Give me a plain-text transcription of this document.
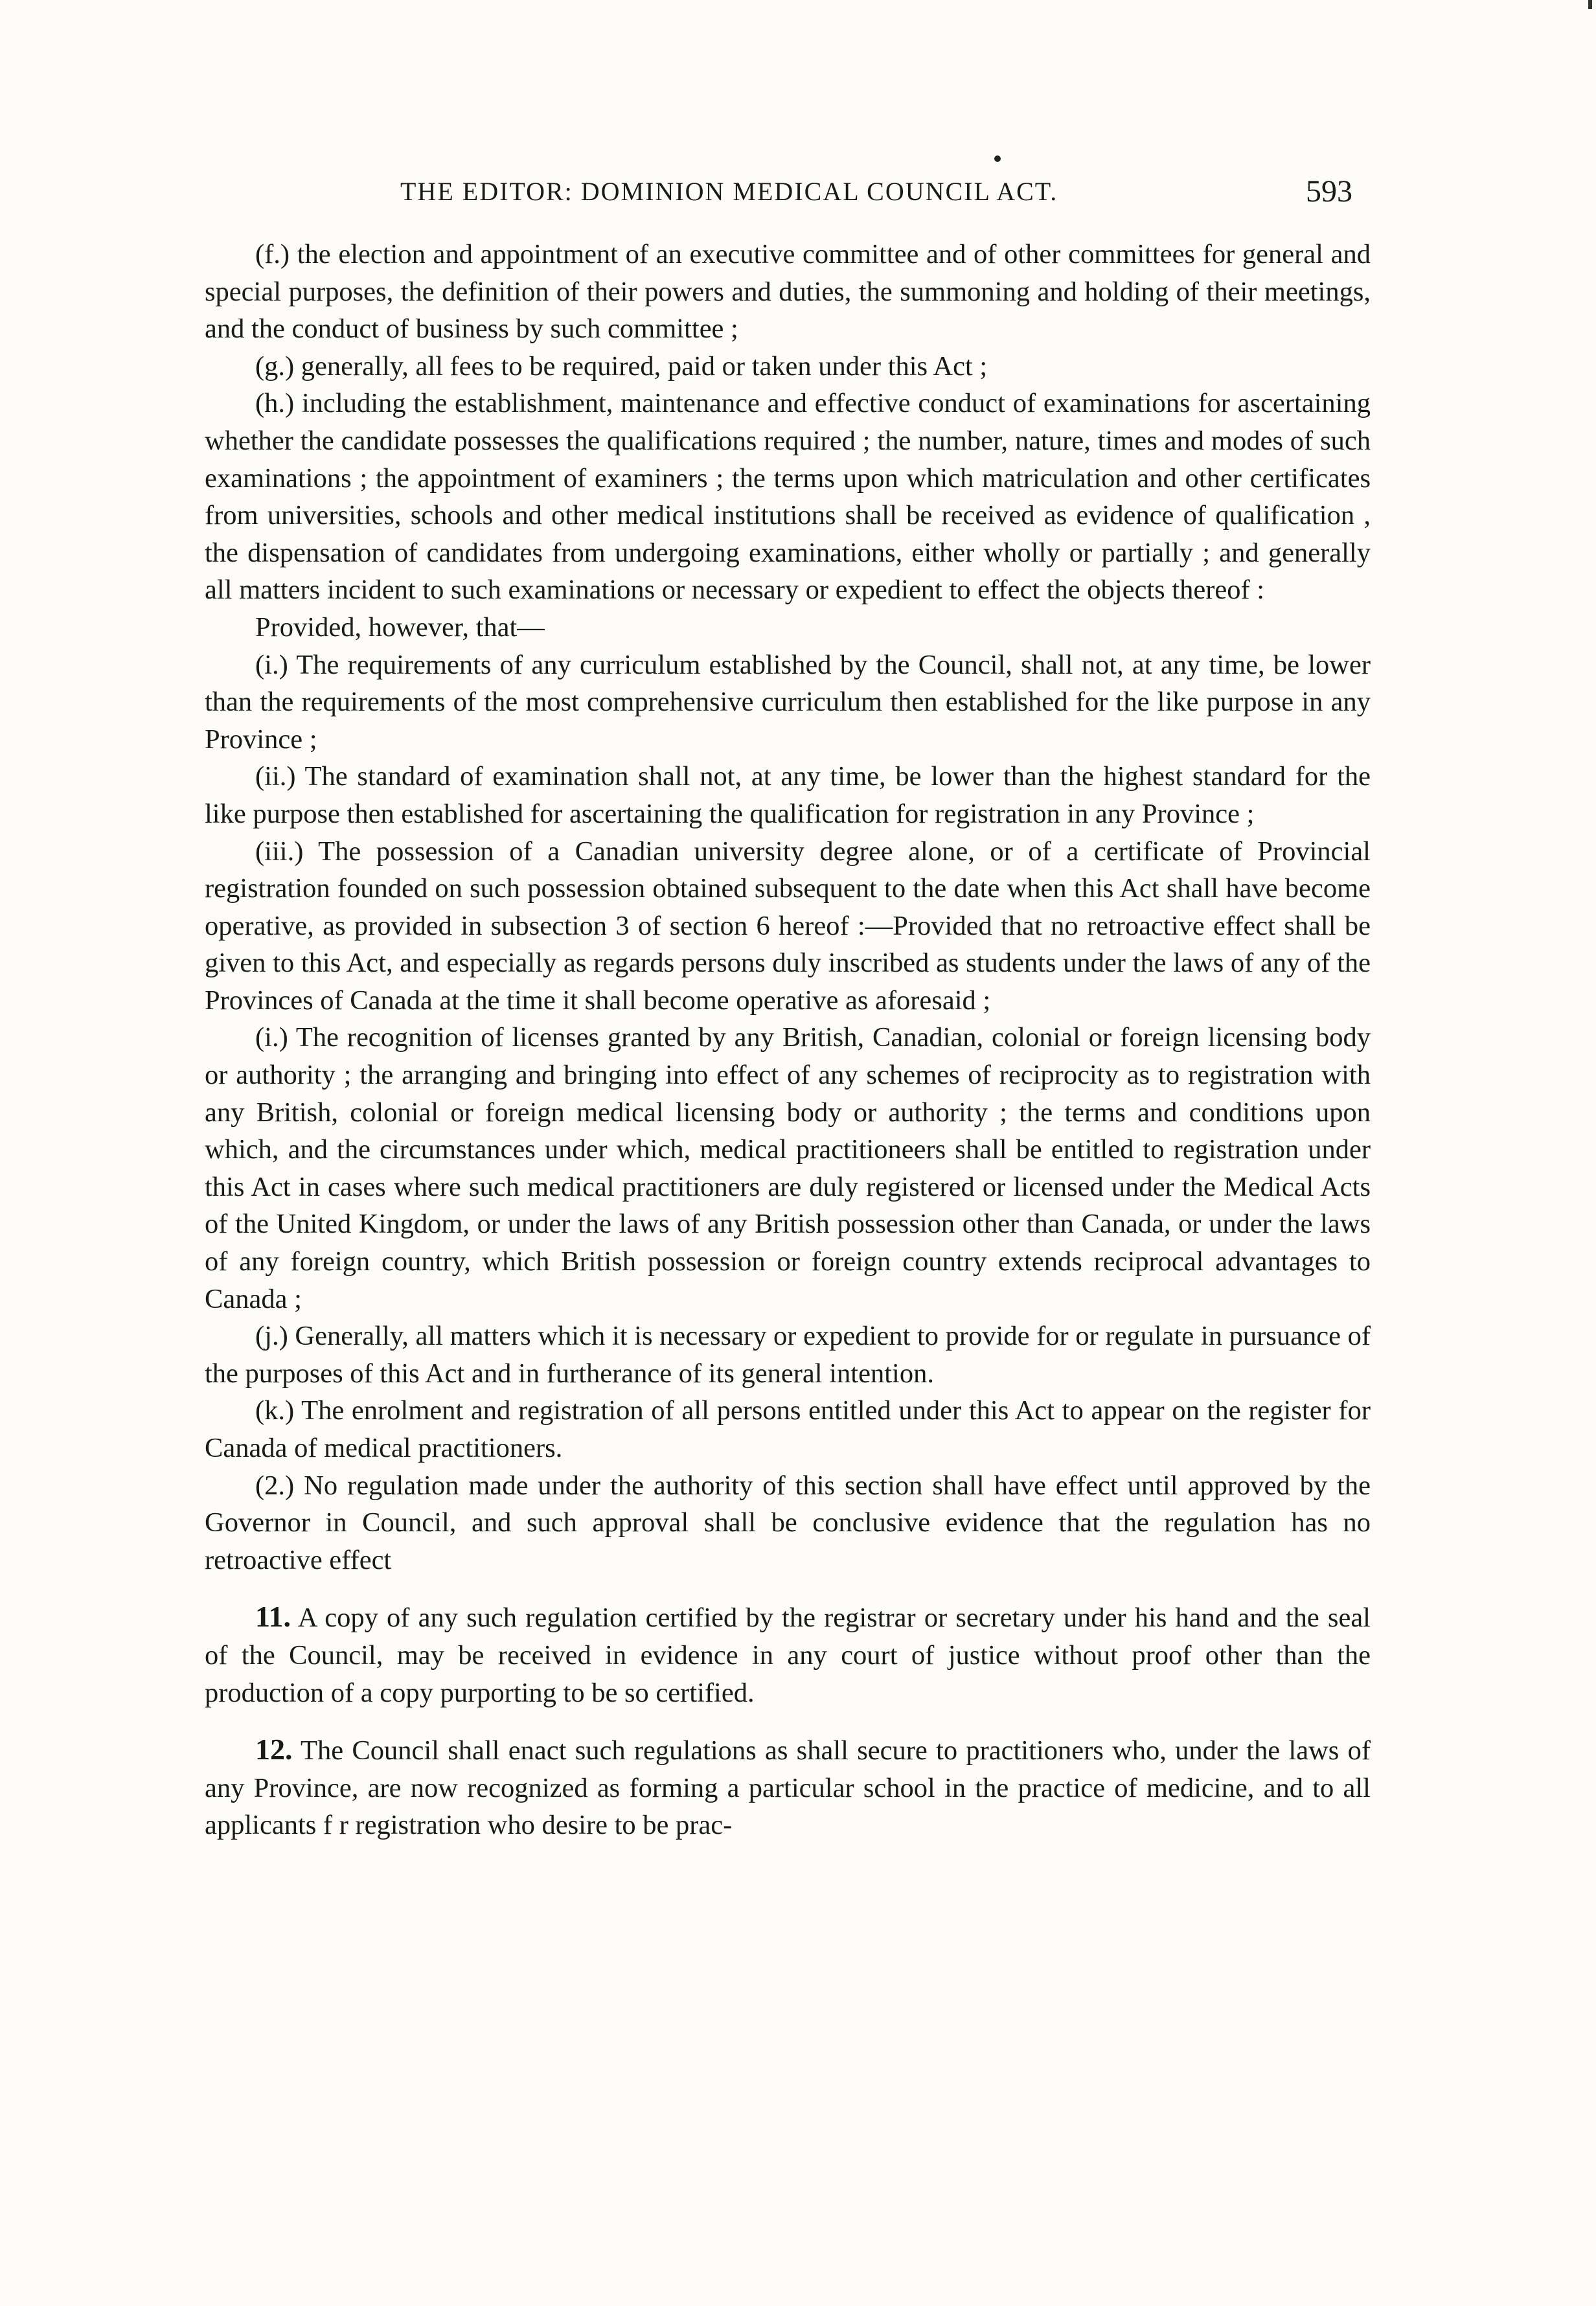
THE EDITOR: DOMINION MEDICAL COUNCIL ACT.	593

(f.) the election and appointment of an executive committee and of other committees for general and special purposes, the definition of their powers and duties, the summoning and holding of their meetings, and the conduct of business by such committee ;

(g.) generally, all fees to be required, paid or taken under this Act ;

(h.) including the establishment, maintenance and effective conduct of examinations for ascertaining whether the candidate possesses the qualifications required ; the number, nature, times and modes of such examinations ; the appointment of examiners ; the terms upon which matriculation and other certificates from universities, schools and other medical institutions shall be received as evidence of qualification , the dispensation of candidates from undergoing examinations, either wholly or partially ; and generally all matters incident to such examinations or necessary or expedient to effect the objects thereof :

Provided, however, that—

(i.) The requirements of any curriculum established by the Council, shall not, at any time, be lower than the requirements of the most comprehensive curriculum then established for the like purpose in any Province ;

(ii.) The standard of examination shall not, at any time, be lower than the highest standard for the like purpose then established for ascertaining the qualification for registration in any Province ;

(iii.) The possession of a Canadian university degree alone, or of a certificate of Provincial registration founded on such possession obtained subsequent to the date when this Act shall have become operative, as provided in subsection 3 of section 6 hereof :—Provided that no retroactive effect shall be given to this Act, and especially as regards persons duly inscribed as students under the laws of any of the Provinces of Canada at the time it shall become operative as aforesaid ;

(i.) The recognition of licenses granted by any British, Canadian, colonial or foreign licensing body or authority ; the arranging and bringing into effect of any schemes of reciprocity as to registration with any British, colonial or foreign medical licensing body or authority ; the terms and conditions upon which, and the circumstances under which, medical practitioneers shall be entitled to registration under this Act in cases where such medical practitioners are duly registered or licensed under the Medical Acts of the United Kingdom, or under the laws of any British possession other than Canada, or under the laws of any foreign country, which British possession or foreign country extends reciprocal advantages to Canada ;

(j.) Generally, all matters which it is necessary or expedient to provide for or regulate in pursuance of the purposes of this Act and in furtherance of its general intention.

(k.) The enrolment and registration of all persons entitled under this Act to appear on the register for Canada of medical practitioners.

(2.) No regulation made under the authority of this section shall have effect until approved by the Governor in Council, and such approval shall be conclusive evidence that the regulation has no retroactive effect

11. A copy of any such regulation certified by the registrar or secretary under his hand and the seal of the Council, may be received in evidence in any court of justice without proof other than the production of a copy purporting to be so certified.

12. The Council shall enact such regulations as shall secure to practitioners who, under the laws of any Province, are now recognized as forming a particular school in the practice of medicine, and to all applicants f r registration who desire to be prac-
